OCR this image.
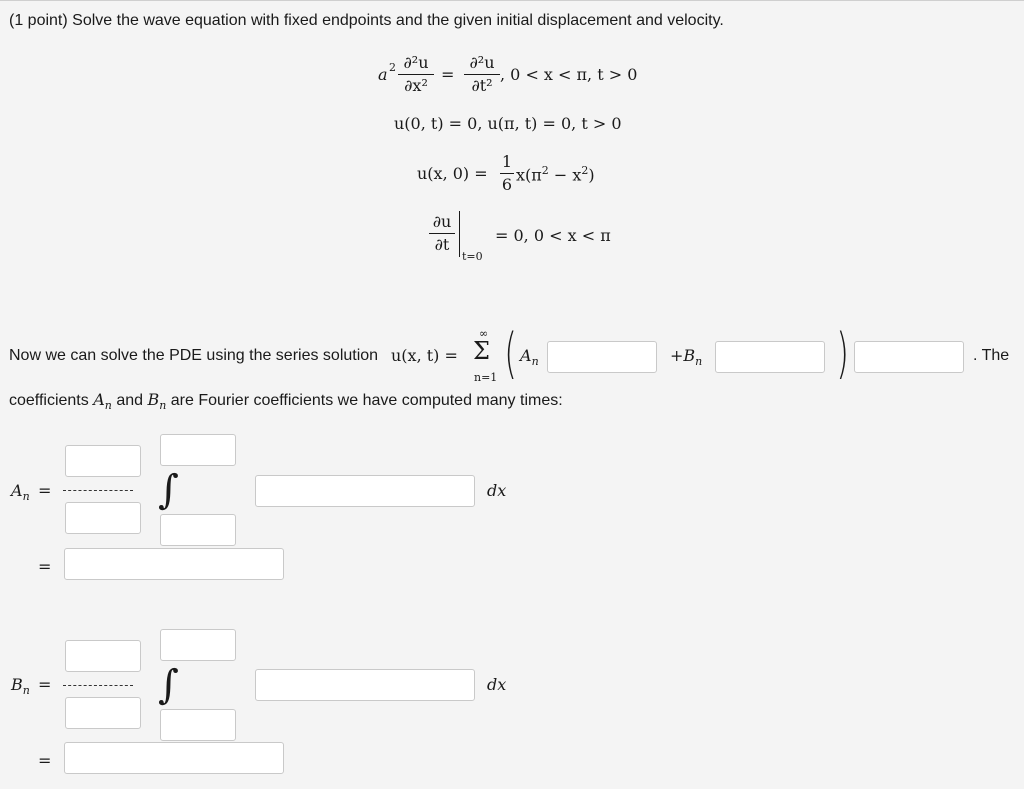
(1 point) Solve the wave equation with fixed endpoints and the given initial displacement and velocity.
a 2 ∂²u
∂x²
=
∂²u
∂t²
, 0 < x < π, t > 0
u(0, t) = 0, u(π, t) = 0, t > 0
u(x, 0) =
1
6
$x(\pi^2 - x^2)$
∂u
∂t
t=0
= 0, 0 < x < π
Now we can solve the PDE using the series solution u(x, t) =
∞
Σ
n=1 ( $A_n$	$+B_n$ )	. The
coefficients $A_n$ and $B_n$ are Fourier coefficients we have computed many times:
$A_n$ =	∫	dx
=
$B_n$ =	∫	dx
=
